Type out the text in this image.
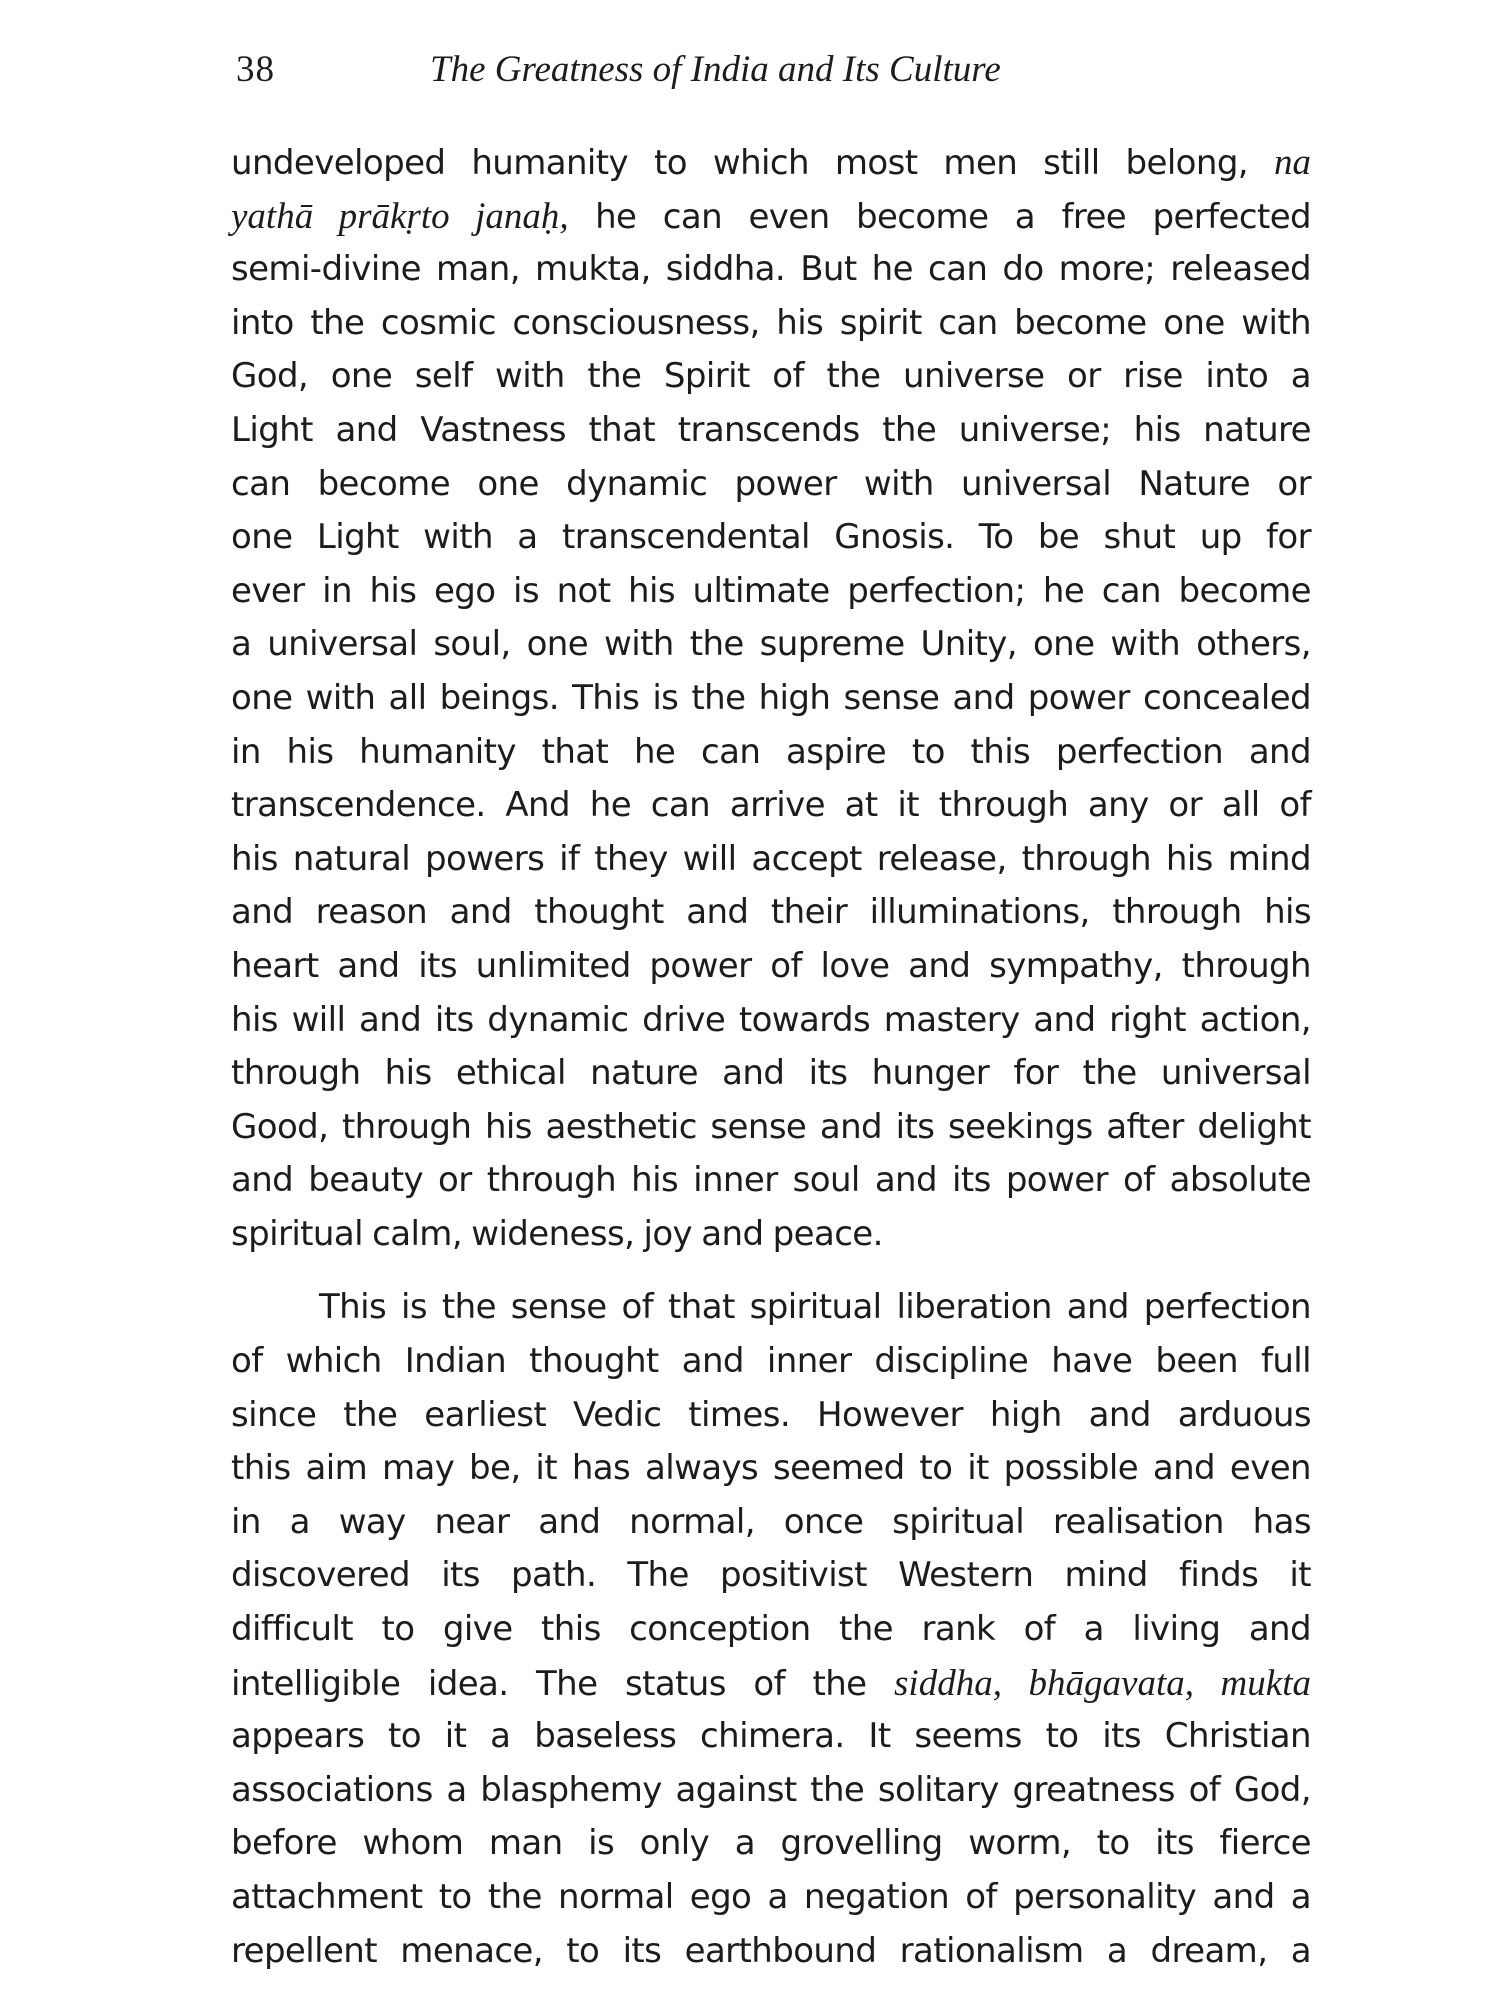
38	The Greatness of India and Its Culture
undeveloped humanity to which most men still belong, na
yathā prākṛto janaḥ, he can even become a free perfected
semi-divine man, mukta, siddha. But he can do more; released
into the cosmic consciousness, his spirit can become one with
God, one self with the Spirit of the universe or rise into a
Light and Vastness that transcends the universe; his nature
can become one dynamic power with universal Nature or
one Light with a transcendental Gnosis. To be shut up for
ever in his ego is not his ultimate perfection; he can become
a universal soul, one with the supreme Unity, one with others,
one with all beings. This is the high sense and power concealed
in his humanity that he can aspire to this perfection and
transcendence. And he can arrive at it through any or all of
his natural powers if they will accept release, through his mind
and reason and thought and their illuminations, through his
heart and its unlimited power of love and sympathy, through
his will and its dynamic drive towards mastery and right action,
through his ethical nature and its hunger for the universal
Good, through his aesthetic sense and its seekings after delight
and beauty or through his inner soul and its power of absolute
spiritual calm, wideness, joy and peace.
This is the sense of that spiritual liberation and perfection
of which Indian thought and inner discipline have been full
since the earliest Vedic times. However high and arduous
this aim may be, it has always seemed to it possible and even
in a way near and normal, once spiritual realisation has
discovered its path. The positivist Western mind finds it
difficult to give this conception the rank of a living and
intelligible idea. The status of the siddha, bhāgavata, mukta
appears to it a baseless chimera. It seems to its Christian
associations a blasphemy against the solitary greatness of God,
before whom man is only a grovelling worm, to its fierce
attachment to the normal ego a negation of personality and a
repellent menace, to its earthbound rationalism a dream, a
